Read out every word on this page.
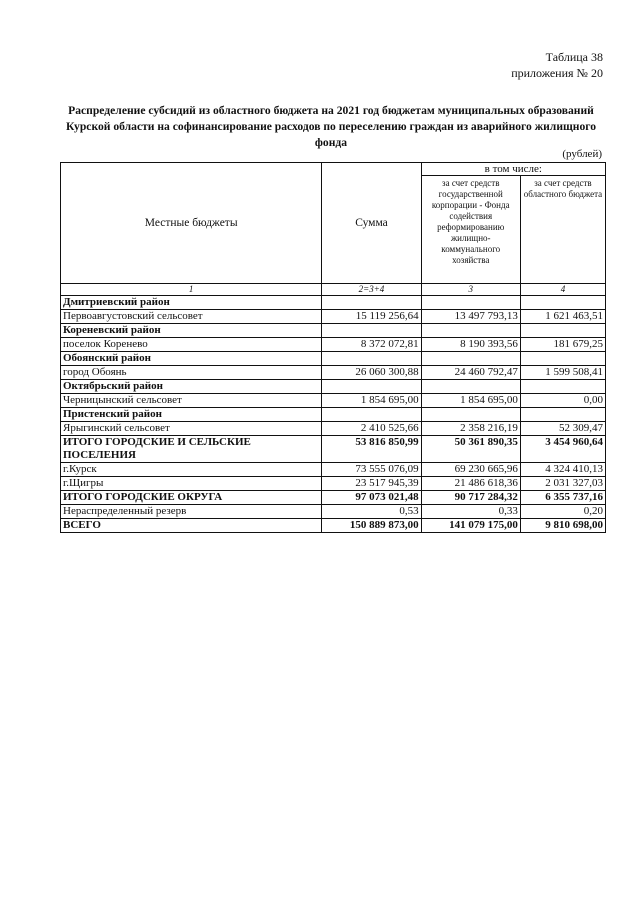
Таблица 38
приложения № 20
Распределение субсидий из областного бюджета на 2021 год бюджетам муниципальных образований Курской области на софинансирование расходов по переселению граждан из аварийного жилищного фонда
(рублей)
Местные бюджеты	Сумма	в том числе:	
		за счет средств государственной корпорации - Фонда содействия реформированию жилищно-коммунального хозяйства	за счет средств областного бюджета
1	2=3+4	3	4
Дмитриевский район			
Первоавгустовский сельсовет	15 119 256,64	13 497 793,13	1 621 463,51
Кореневский район			
поселок Коренево	8 372 072,81	8 190 393,56	181 679,25
Обоянский район			
город Обоянь	26 060 300,88	24 460 792,47	1 599 508,41
Октябрьский район			
Черницынский сельсовет	1 854 695,00	1 854 695,00	0,00
Пристенский район			
Ярыгинский сельсовет	2 410 525,66	2 358 216,19	52 309,47
ИТОГО ГОРОДСКИЕ И СЕЛЬСКИЕ ПОСЕЛЕНИЯ	53 816 850,99	50 361 890,35	3 454 960,64
г.Курск	73 555 076,09	69 230 665,96	4 324 410,13
г.Щигры	23 517 945,39	21 486 618,36	2 031 327,03
ИТОГО ГОРОДСКИЕ ОКРУГА	97 073 021,48	90 717 284,32	6 355 737,16
Нераспределенный резерв	0,53	0,33	0,20
ВСЕГО	150 889 873,00	141 079 175,00	9 810 698,00
